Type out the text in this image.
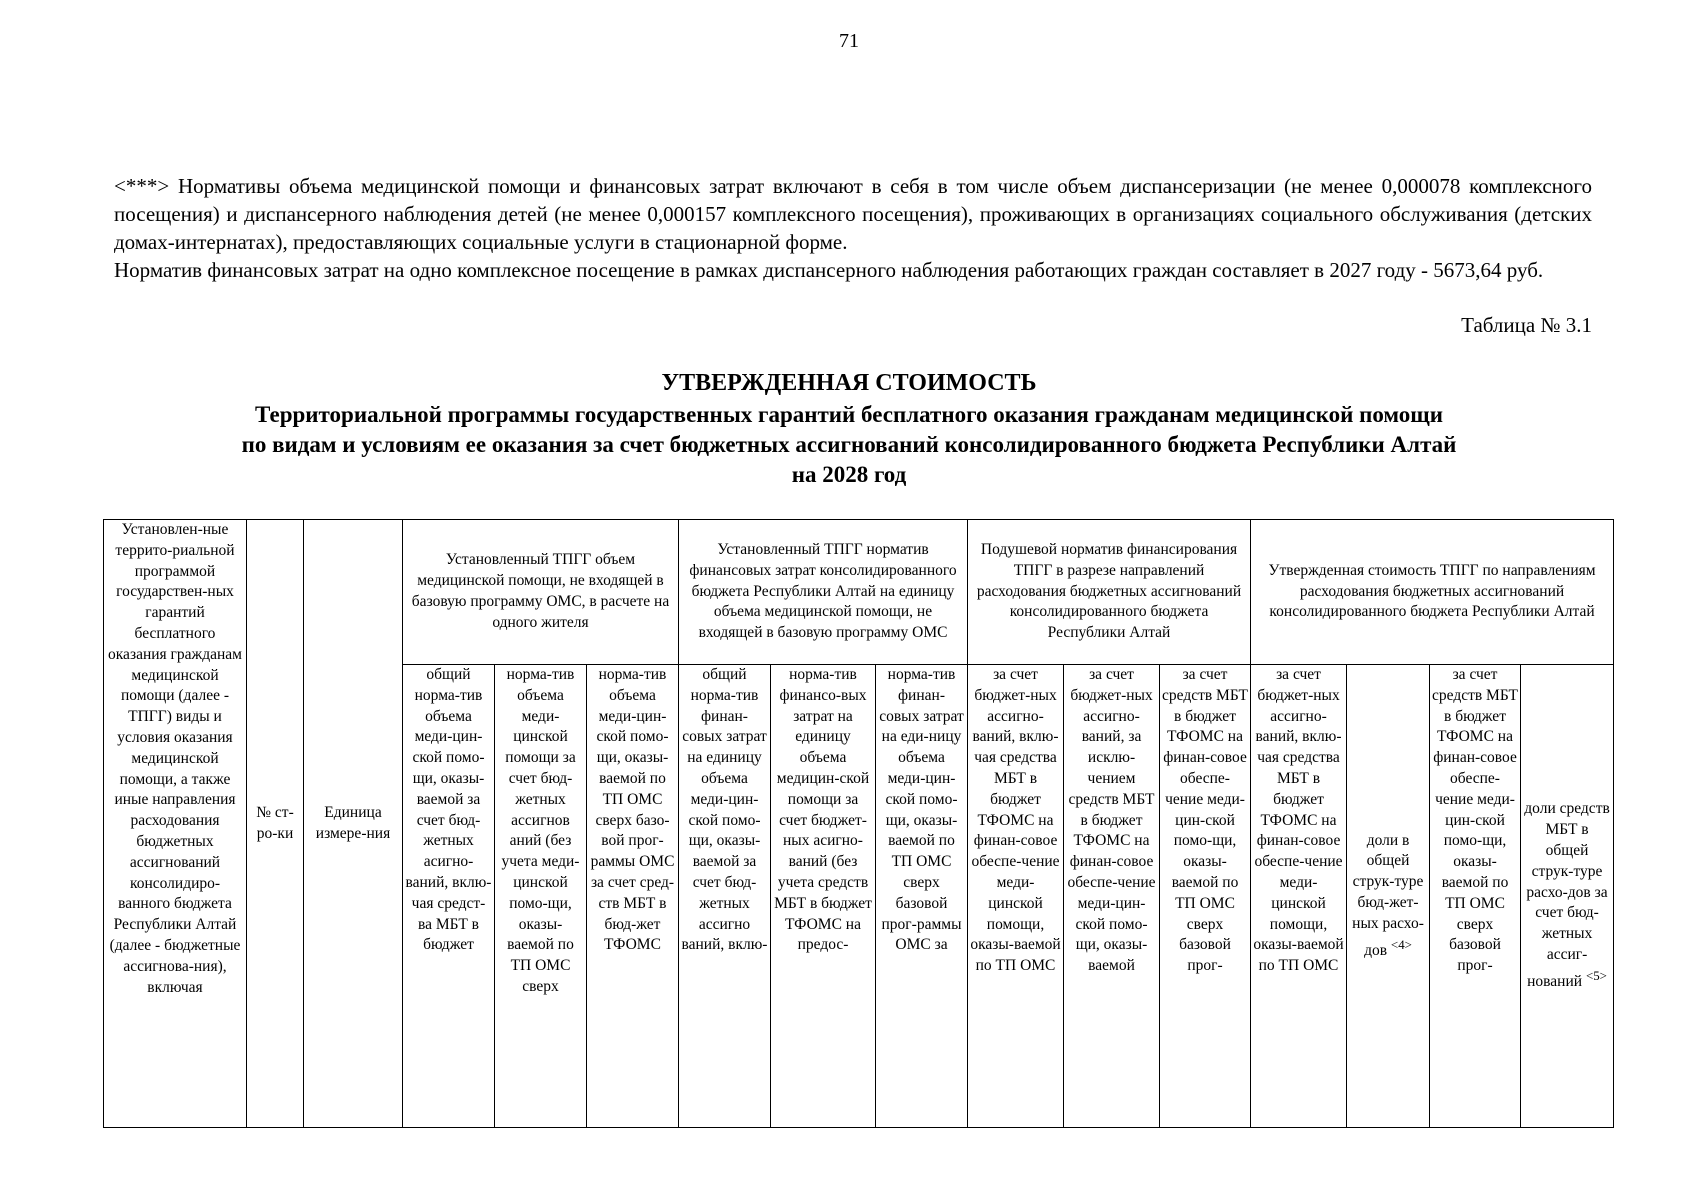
71

<***> Нормативы объема медицинской помощи и финансовых затрат включают в себя в том числе объем диспансеризации (не менее 0,000078 комплексного посещения) и диспансерного наблюдения детей (не менее 0,000157 комплексного посещения), проживающих в организациях социального обслуживания (детских домах-интернатах), предоставляющих социальные услуги в стационарной форме.

Норматив финансовых затрат на одно комплексное посещение в рамках диспансерного наблюдения работающих граждан составляет в 2027 году - 5673,64 руб.

Таблица № 3.1
УТВЕРЖДЕННАЯ СТОИМОСТЬ
Территориальной программы государственных гарантий бесплатного оказания гражданам медицинской помощи
по видам и условиям ее оказания за счет бюджетных ассигнований консолидированного бюджета Республики Алтай
на 2028 год
Установлен-ные террито-риальной программой государствен-ных гарантий бесплатного оказания гражданам медицинской помощи (далее - ТПГГ) виды и условия оказания медицинской помощи, а также иные направления расходования бюджетных ассигнований консолидиро-ванного бюджета Республики Алтай (далее - бюджетные ассигнова-ния), включая	№ ст-ро-ки	Единица измере-ния	Установленный ТПГГ объем медицинской помощи, не входящей в базовую программу ОМС, в расчете на одного жителя			Установленный ТПГГ норматив финансовых затрат консолидированного бюджета Республики Алтай на единицу объема медицинской помощи, не входящей в базовую программу ОМС			Подушевой норматив финансирования ТПГГ в разрезе направлений расходования бюджетных ассигнований консолидированного бюджета Республики Алтай			Утвержденная стоимость ТПГГ по направлениям расходования бюджетных ассигнований консолидированного бюджета Республики Алтай			
			общий норма-тив объема меди-цин-ской помо-щи, оказы-ваемой за счет бюд-жетных асигно-ваний, вклю-чая средст-ва МБТ в бюджет	норма-тив объема меди-цинской помощи за счет бюд-жетных ассигнов аний (без учета меди-цинской помо-щи, оказы-ваемой по ТП ОМС сверх	норма-тив объема меди-цин-ской помо-щи, оказы-ваемой по ТП ОМС сверх базо-вой прог-раммы ОМС за счет сред-ств МБТ в бюд-жет ТФОМС	общий норма-тив финан-совых затрат на единицу объема меди-цин-ской помо-щи, оказы-ваемой за счет бюд-жетных ассигно ваний, вклю-	норма-тив финансо-вых затрат на единицу объема медицин-ской помощи за счет бюджет-ных асигно-ваний (без учета средств МБТ в бюджет ТФОМС на предос-	норма-тив финан-совых затрат на еди-ницу объема меди-цин-ской помо-щи, оказы-ваемой по ТП ОМС сверх базовой прог-раммы ОМС за	за счет бюджет-ных ассигно-ваний, вклю-чая средства МБТ в бюджет ТФОМС на финан-совое обеспе-чение меди-цинской помощи, оказы-ваемой по ТП ОМС	за счет бюджет-ных ассигно-ваний, за исклю-чением средств МБТ в бюджет ТФОМС на финан-совое обеспе-чение меди-цин-ской помо-щи, оказы-ваемой	за счет средств МБТ в бюджет ТФОМС на финан-совое обеспе-чение меди-цин-ской помо-щи, оказы-ваемой по ТП ОМС сверх базовой прог-	за счет бюджет-ных ассигно-ваний, вклю-чая средства МБТ в бюджет ТФОМС на финан-совое обеспе-чение меди-цинской помощи, оказы-ваемой по ТП ОМС	доли в общей струк-туре бюд-жет-ных расхо-дов $^{<4>}$	за счет средств МБТ в бюджет ТФОМС на финан-совое обеспе-чение меди-цин-ской помо-щи, оказы-ваемой по ТП ОМС сверх базовой прог-	доли средств МБТ в общей струк-туре расхо-дов за счет бюд-жетных ассиг-нований $^{<5>}$
